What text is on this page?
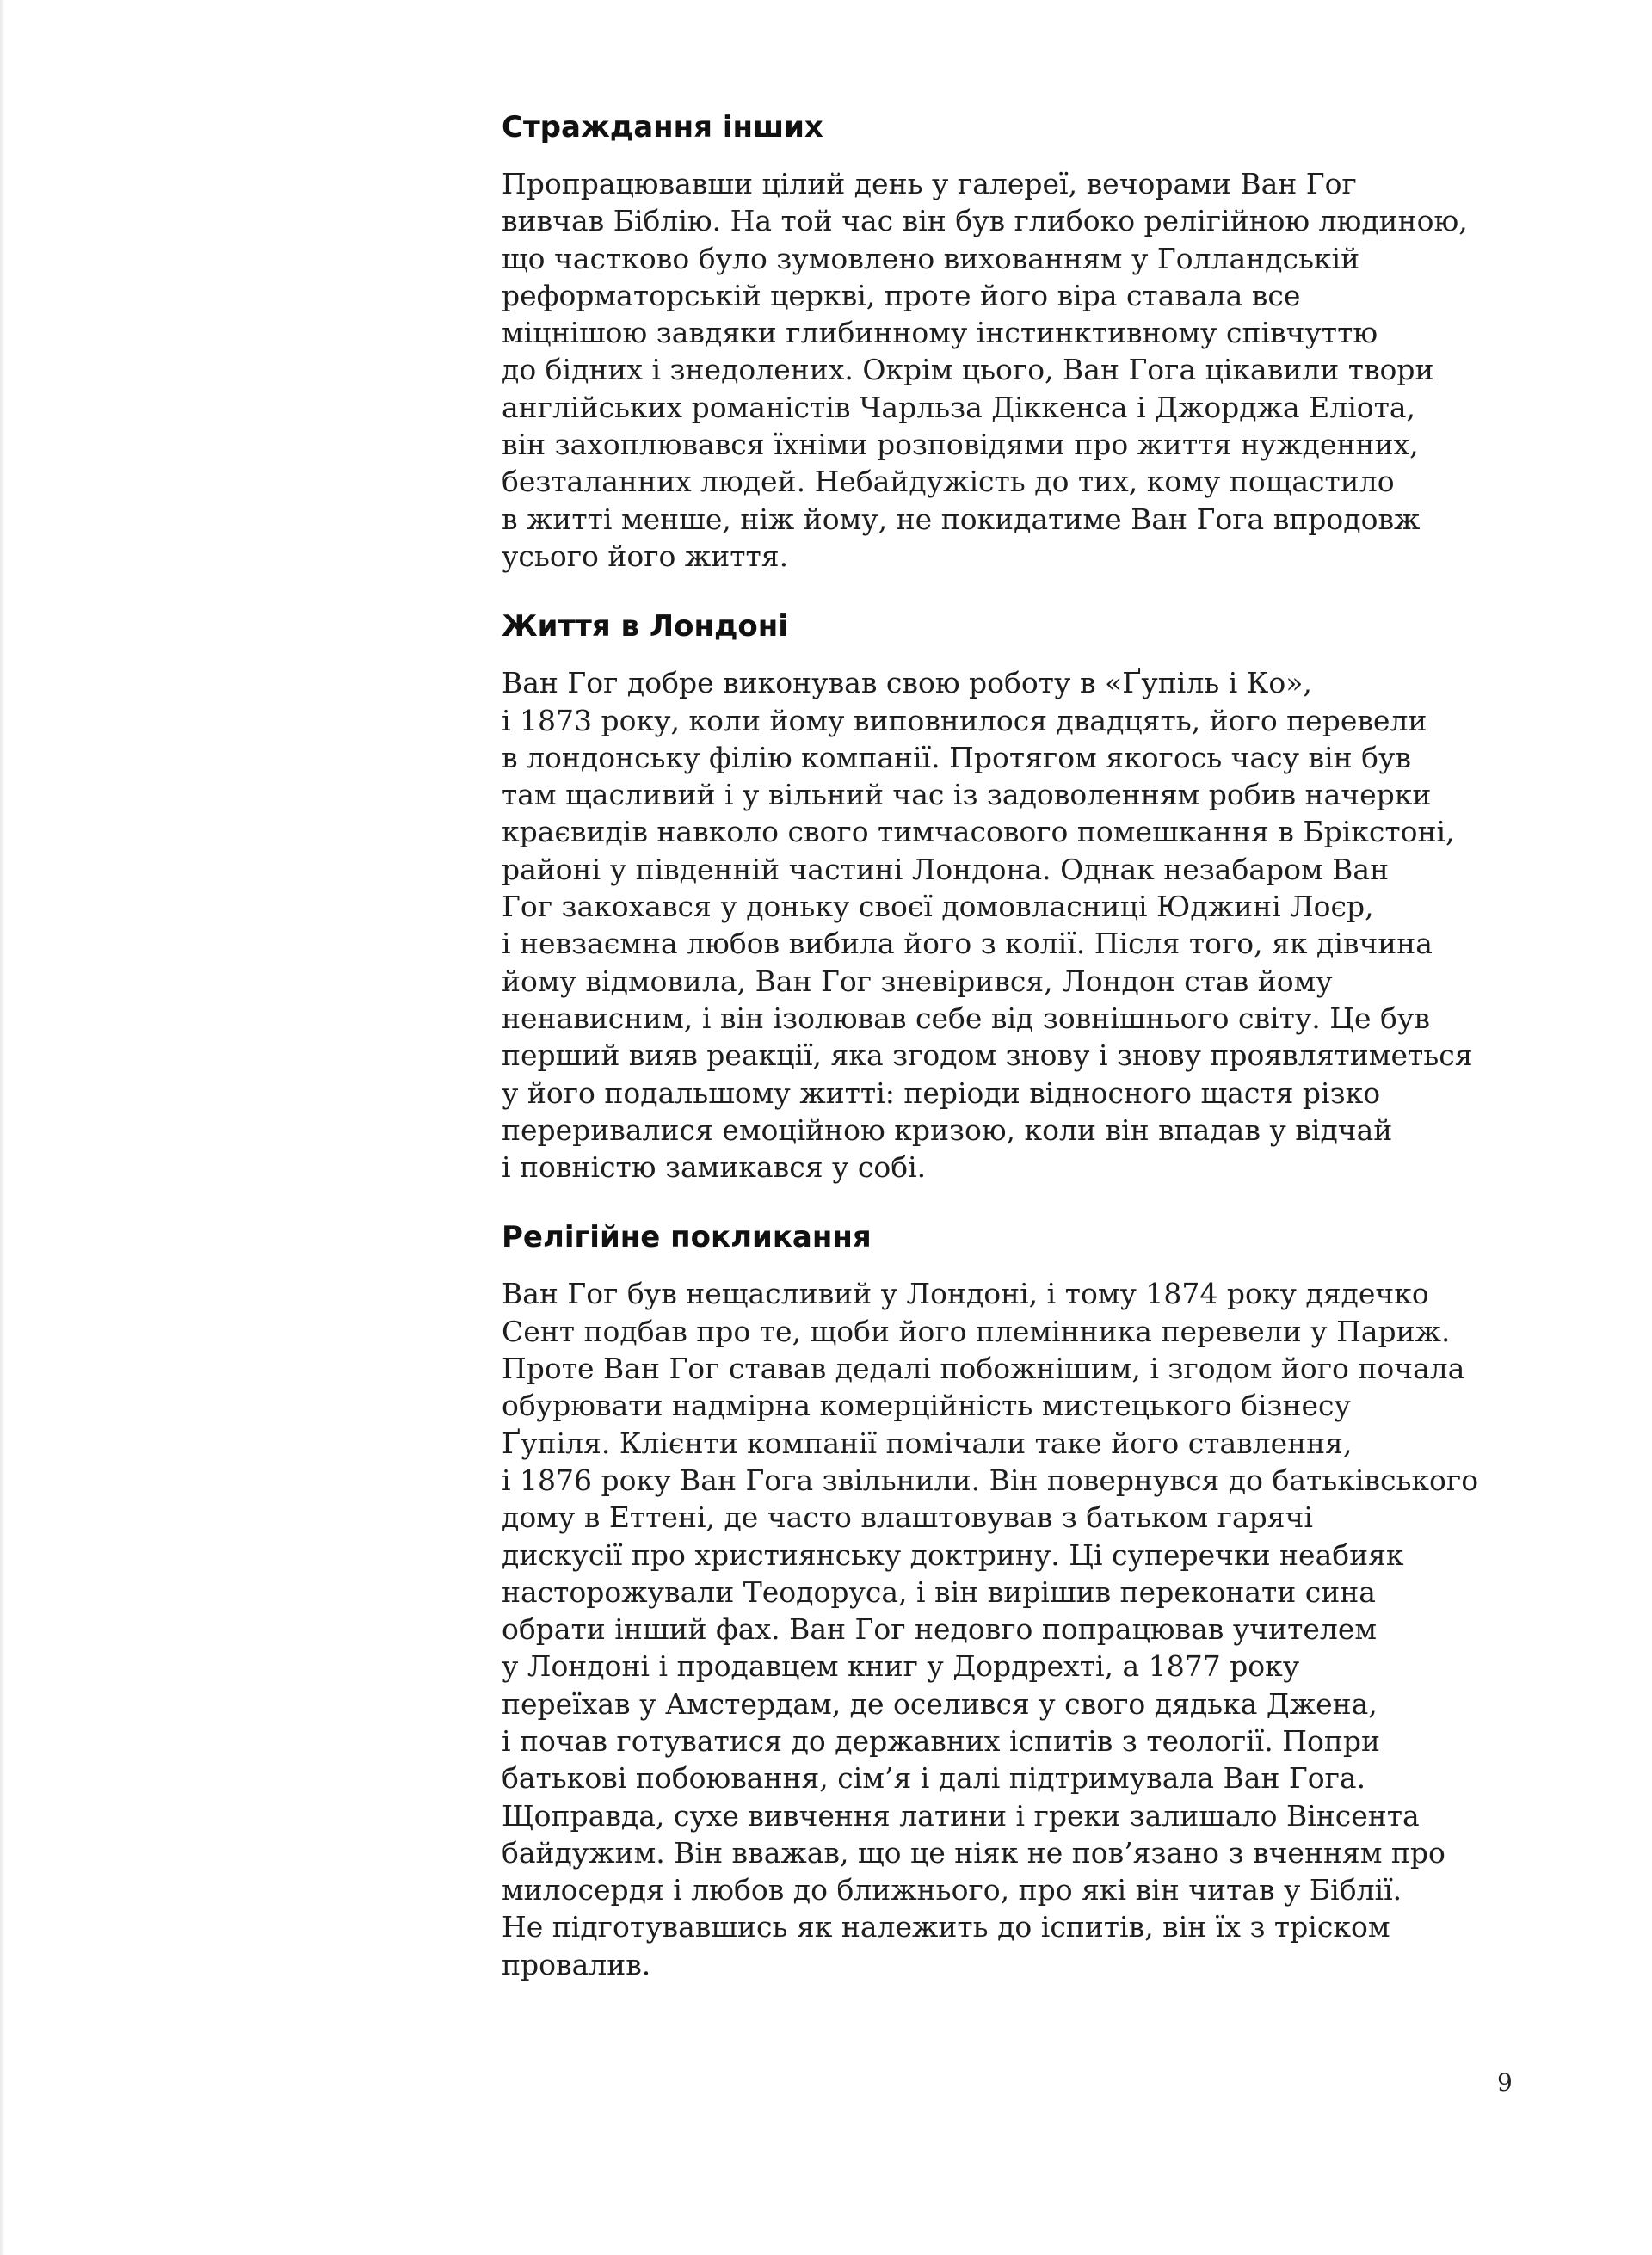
Страждання інших

Пропрацювавши цілий день у галереї, вечорами Ван Гог
вивчав Біблію. На той час він був глибоко релігійною людиною,
що частково було зумовлено вихованням у Голландській
реформаторській церкві, проте його віра ставала все
міцнішою завдяки глибинному інстинктивному співчуттю
до бідних і знедолених. Окрім цього, Ван Гога цікавили твори
англійських романістів Чарльза Діккенса і Джорджа Еліота,
він захоплювався їхніми розповідями про життя нужденних,
безталанних людей. Небайдужість до тих, кому пощастило
в житті менше, ніж йому, не покидатиме Ван Гога впродовж
усього його життя.

Життя в Лондоні

Ван Гог добре виконував свою роботу в «Ґупіль і Ко»,
і 1873 року, коли йому виповнилося двадцять, його перевели
в лондонську філію компанії. Протягом якогось часу він був
там щасливий і у вільний час із задоволенням робив начерки
краєвидів навколо свого тимчасового помешкання в Брікстоні,
районі у південній частині Лондона. Однак незабаром Ван
Гог закохався у доньку своєї домовласниці Юджині Лоєр,
і невзаємна любов вибила його з колії. Після того, як дівчина
йому відмовила, Ван Гог зневірився, Лондон став йому
ненависним, і він ізолював себе від зовнішнього світу. Це був
перший вияв реакції, яка згодом знову і знову проявлятиметься
у його подальшому житті: періоди відносного щастя різко
переривалися емоційною кризою, коли він впадав у відчай
і повністю замикався у собі.

Релігійне покликання

Ван Гог був нещасливий у Лондоні, і тому 1874 року дядечко
Сент подбав про те, щоби його племінника перевели у Париж.
Проте Ван Гог ставав дедалі побожнішим, і згодом його почала
обурювати надмірна комерційність мистецького бізнесу
Ґупіля. Клієнти компанії помічали таке його ставлення,
і 1876 року Ван Гога звільнили. Він повернувся до батьківського
дому в Еттені, де часто влаштовував з батьком гарячі
дискусії про християнську доктрину. Ці суперечки неабияк
насторожували Теодоруса, і він вирішив переконати сина
обрати інший фах. Ван Гог недовго попрацював учителем
у Лондоні і продавцем книг у Дордрехті, а 1877 року
переїхав у Амстердам, де оселився у свого дядька Джена,
і почав готуватися до державних іспитів з теології. Попри
батькові побоювання, сім’я і далі підтримувала Ван Гога.
Щоправда, сухе вивчення латини і греки залишало Вінсента
байдужим. Він вважав, що це ніяк не пов’язано з вченням про
милосердя і любов до ближнього, про які він читав у Біблії.
Не підготувавшись як належить до іспитів, він їх з тріском
провалив.

9
